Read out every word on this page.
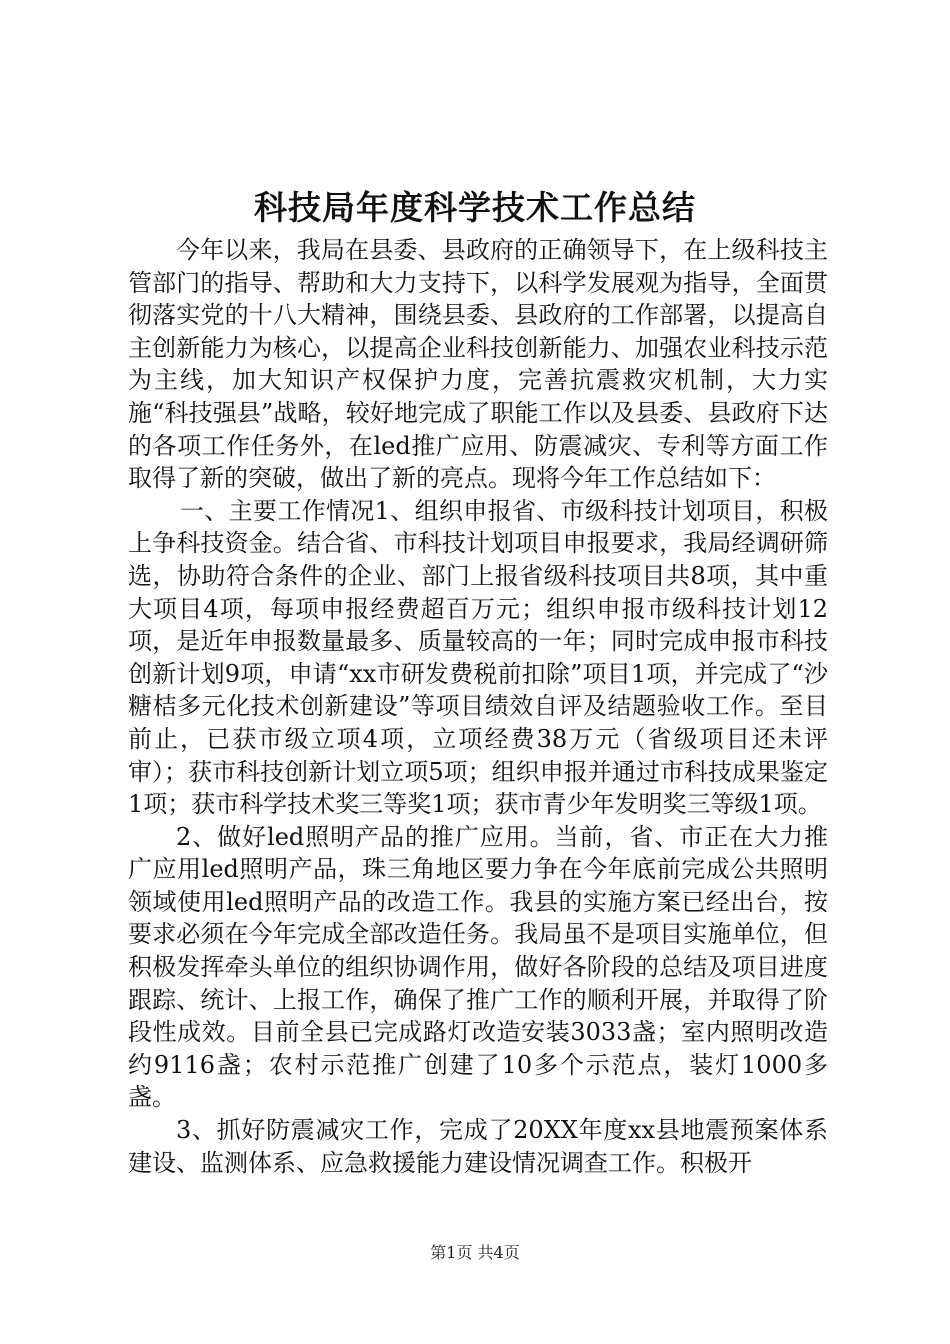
科技局年度科学技术工作总结

今年以来，我局在县委、县政府的正确领导下，在上级科技主管部门的指导、帮助和大力支持下，以科学发展观为指导，全面贯彻落实党的十八大精神，围绕县委、县政府的工作部署，以提高自主创新能力为核心，以提高企业科技创新能力、加强农业科技示范为主线，加大知识产权保护力度，完善抗震救灾机制，大力实施“科技强县”战略，较好地完成了职能工作以及县委、县政府下达的各项工作任务外，在led推广应用、防震减灾、专利等方面工作取得了新的突破，做出了新的亮点。现将今年工作总结如下：

一、主要工作情况1、组织申报省、市级科技计划项目，积极上争科技资金。结合省、市科技计划项目申报要求，我局经调研筛选，协助符合条件的企业、部门上报省级科技项目共8项，其中重大项目4项，每项申报经费超百万元；组织申报市级科技计划12项，是近年申报数量最多、质量较高的一年；同时完成申报市科技创新计划9项，申请“xx市研发费税前扣除”项目1项，并完成了“沙糖桔多元化技术创新建设”等项目绩效自评及结题验收工作。至目前止，已获市级立项4项，立项经费38万元（省级项目还未评审）；获市科技创新计划立项5项；组织申报并通过市科技成果鉴定1项；获市科学技术奖三等奖1项；获市青少年发明奖三等级1项。

2、做好led照明产品的推广应用。当前，省、市正在大力推广应用led照明产品，珠三角地区要力争在今年底前完成公共照明领域使用led照明产品的改造工作。我县的实施方案已经出台，按要求必须在今年完成全部改造任务。我局虽不是项目实施单位，但积极发挥牵头单位的组织协调作用，做好各阶段的总结及项目进度跟踪、统计、上报工作，确保了推广工作的顺利开展，并取得了阶段性成效。目前全县已完成路灯改造安装3033盏；室内照明改造约9116盏；农村示范推广创建了10多个示范点，装灯1000多盏。

3、抓好防震减灾工作，完成了20XX年度xx县地震预案体系建设、监测体系、应急救援能力建设情况调查工作。积极开

第1页 共4页
